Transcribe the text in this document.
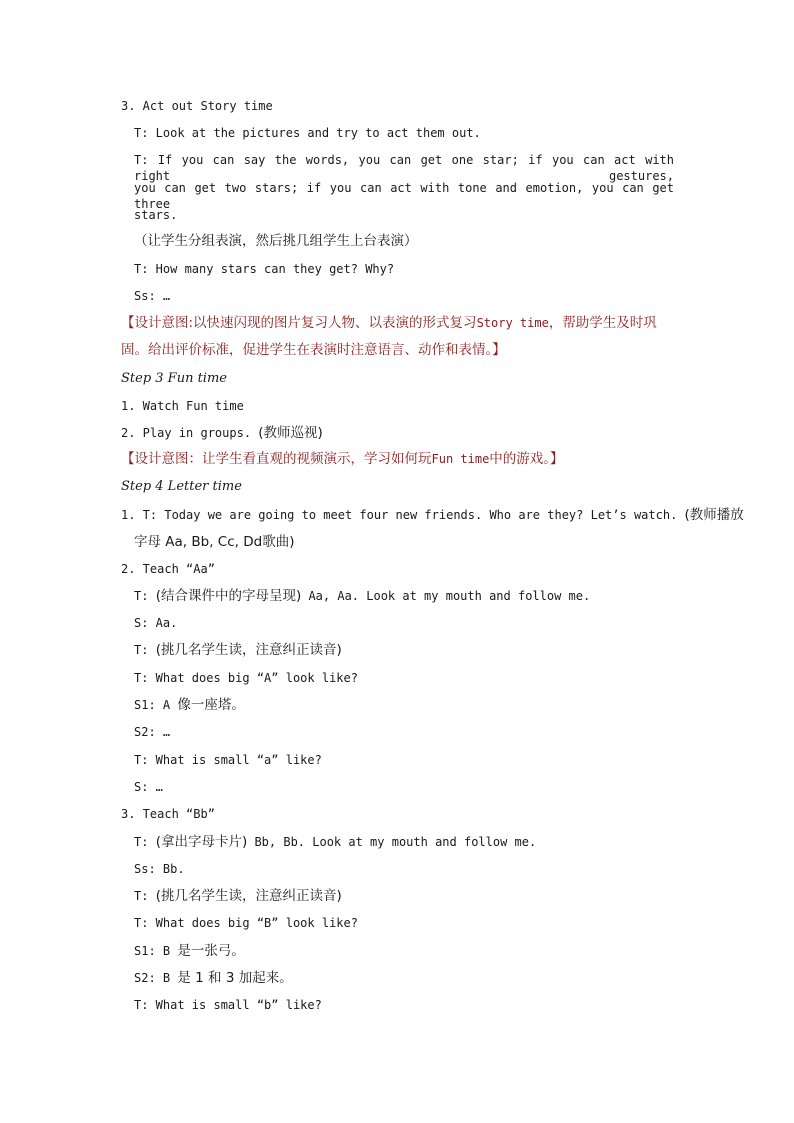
3. Act out Story time
T: Look at the pictures and try to act them out.
T: If you can say the words, you can get one star; if you can act with right gestures,
you can get two stars; if you can act with tone and emotion, you can get three
stars.
（让学生分组表演，然后挑几组学生上台表演）
T: How many stars can they get? Why?
Ss: …
【设计意图:以快速闪现的图片复习人物、以表演的形式复习Story time，帮助学生及时巩
固。给出评价标准，促进学生在表演时注意语言、动作和表情。】
Step 3 Fun time
1. Watch Fun time
2. Play in groups. (教师巡视)
【设计意图：让学生看直观的视频演示，学习如何玩Fun time中的游戏。】
Step 4 Letter time
1. T: Today we are going to meet four new friends. Who are they? Let’s watch. (教师播放
字母 Aa, Bb, Cc, Dd歌曲)
2. Teach “Aa”
T: (结合课件中的字母呈现) Aa, Aa. Look at my mouth and follow me.
S: Aa.
T: (挑几名学生读，注意纠正读音)
T: What does big “A” look like?
S1: A 像一座塔。
S2: …
T: What is small “a” like?
S: …
3. Teach “Bb”
T: (拿出字母卡片) Bb, Bb. Look at my mouth and follow me.
Ss: Bb.
T: (挑几名学生读，注意纠正读音)
T: What does big “B” look like?
S1: B 是一张弓。
S2: B 是 1 和 3 加起来。
T: What is small “b” like?
